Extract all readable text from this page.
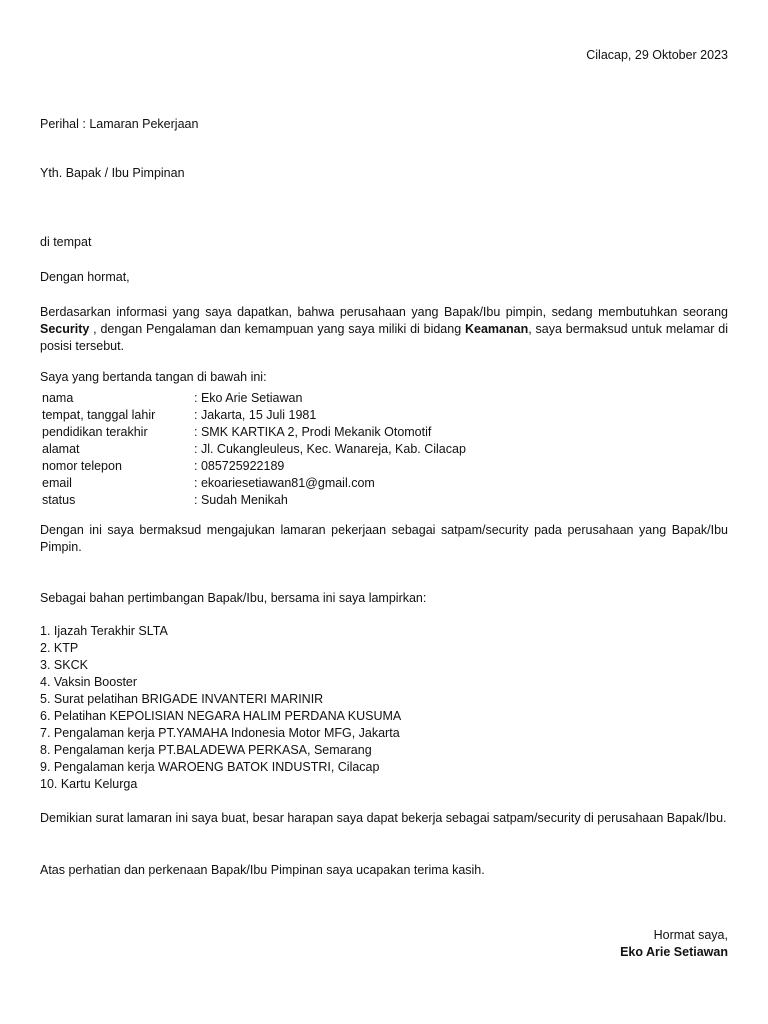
Cilacap, 29 Oktober 2023

Perihal : Lamaran Pekerjaan

Yth. Bapak / Ibu Pimpinan

di tempat

Dengan hormat,

Berdasarkan informasi yang saya dapatkan, bahwa perusahaan yang Bapak/Ibu pimpin, sedang membutuhkan seorang Security , dengan Pengalaman dan kemampuan yang saya miliki di bidang Keamanan, saya bermaksud untuk melamar di posisi tersebut.

Saya yang bertanda tangan di bawah ini:

nama	: Eko Arie Setiawan
tempat, tanggal lahir	: Jakarta, 15 Juli 1981
pendidikan terakhir	: SMK KARTIKA 2, Prodi Mekanik Otomotif
alamat	: Jl. Cukangleuleus, Kec. Wanareja, Kab. Cilacap
nomor telepon	: 085725922189
email	: ekoariesetiawan81@gmail.com
status	: Sudah Menikah

Dengan ini saya bermaksud mengajukan lamaran pekerjaan sebagai satpam/security pada perusahaan yang Bapak/Ibu Pimpin.

Sebagai bahan pertimbangan Bapak/Ibu, bersama ini saya lampirkan:

1. Ijazah Terakhir SLTA
2. KTP
3. SKCK
4. Vaksin Booster
5. Surat pelatihan BRIGADE INVANTERI MARINIR
6. Pelatihan KEPOLISIAN NEGARA HALIM PERDANA KUSUMA
7. Pengalaman kerja PT.YAMAHA Indonesia Motor MFG, Jakarta
8. Pengalaman kerja PT.BALADEWA PERKASA, Semarang
9. Pengalaman kerja WAROENG BATOK INDUSTRI, Cilacap
10. Kartu Kelurga

Demikian surat lamaran ini saya buat, besar harapan saya dapat bekerja sebagai satpam/security di perusahaan Bapak/Ibu.

Atas perhatian dan perkenaan Bapak/Ibu Pimpinan saya ucapakan terima kasih.

Hormat saya,

Eko Arie Setiawan
